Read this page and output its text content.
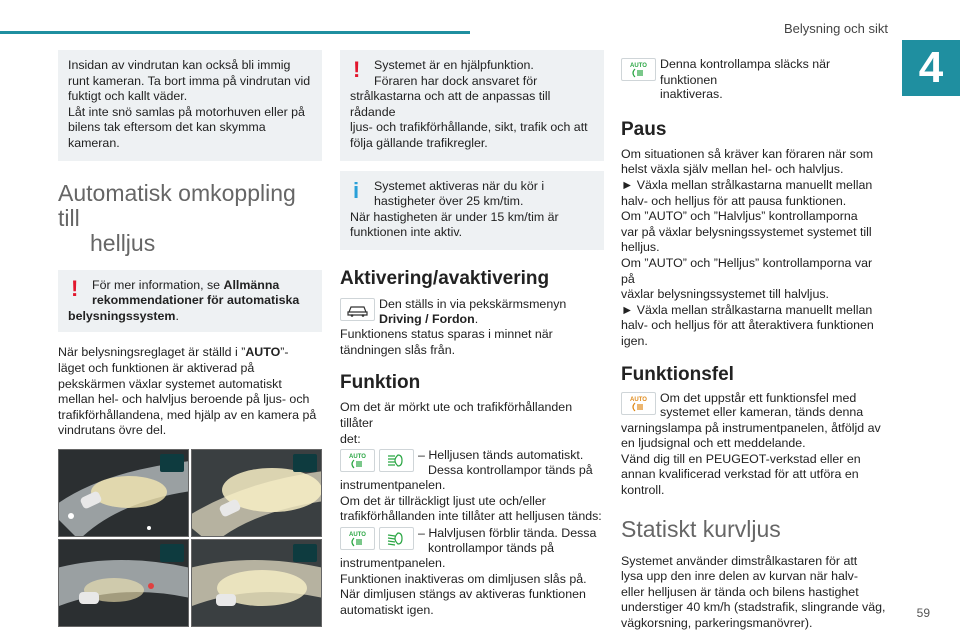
Belysning och sikt
4
59
Insidan av vindrutan kan också bli immig
runt kameran. Ta bort imma på vindrutan vid
fuktigt och kallt väder.
Låt inte snö samlas på motorhuven eller på
bilens tak eftersom det kan skymma kameran.
Automatisk omkoppling till
helljus
!	För mer information, se Allmänna
rekommendationer för automatiska
belysningssystem.

När belysningsreglaget är ställd i ”AUTO”-

läget och funktionen är aktiverad på

pekskärmen växlar systemet automatiskt

mellan hel- och halvljus beroende på ljus- och

trafikförhållandena, med hjälp av en kamera på

vindrutans övre del.

!	Systemet är en hjälpfunktion.
Föraren har dock ansvaret för
strålkastarna och att de anpassas till rådande
ljus- och trafikförhållande, sikt, trafik och att
följa gällande trafikregler.
i	Systemet aktiveras när du kör i
hastigheter över 25 km/tim.
När hastigheten är under 15 km/tim är
funktionen inte aktiv.
Aktivering/avaktivering

Den ställs in via pekskärmsmenyn

Driving / Fordon.

Funktionens status sparas i minnet när

tändningen slås från.

Funktion

Om det är mörkt ute och trafikförhållanden tillåter

det:

AUTO	– Helljusen tänds automatiskt.

Dessa kontrollampor tänds på

instrumentpanelen.

Om det är tillräckligt ljust ute och/eller

trafikförhållanden inte tillåter att helljusen tänds:

AUTO	– Halvljusen förblir tända. Dessa

kontrollampor tänds på

instrumentpanelen.

Funktionen inaktiveras om dimljusen slås på.

När dimljusen stängs av aktiveras funktionen

automatiskt igen.

AUTO Denna kontrollampa släcks när funktionen

inaktiveras.

Paus

Om situationen så kräver kan föraren när som

helst växla själv mellan hel- och halvljus.

► Växla mellan strålkastarna manuellt mellan

halv- och helljus för att pausa funktionen.

Om ”AUTO” och ”Halvljus” kontrollamporna

var på växlar belysningssystemet systemet till

helljus.

Om ”AUTO” och ”Helljus” kontrollamporna var på

växlar belysningssystemet till halvljus.

► Växla mellan strålkastarna manuellt mellan

halv- och helljus för att återaktivera funktionen

igen.

Funktionsfel
AUTO Om det uppstår ett funktionsfel med

systemet eller kameran, tänds denna

varningslampa på instrumentpanelen, åtföljd av

en ljudsignal och ett meddelande.

Vänd dig till en PEUGEOT-verkstad eller en

annan kvalificerad verkstad för att utföra en

kontroll.

Statiskt kurvljus

Systemet använder dimstrålkastaren för att

lysa upp den inre delen av kurvan när halv-

eller helljusen är tända och bilens hastighet

understiger 40 km/h (stadstrafik, slingrande väg,

vägkorsning, parkeringsmanövrer).
